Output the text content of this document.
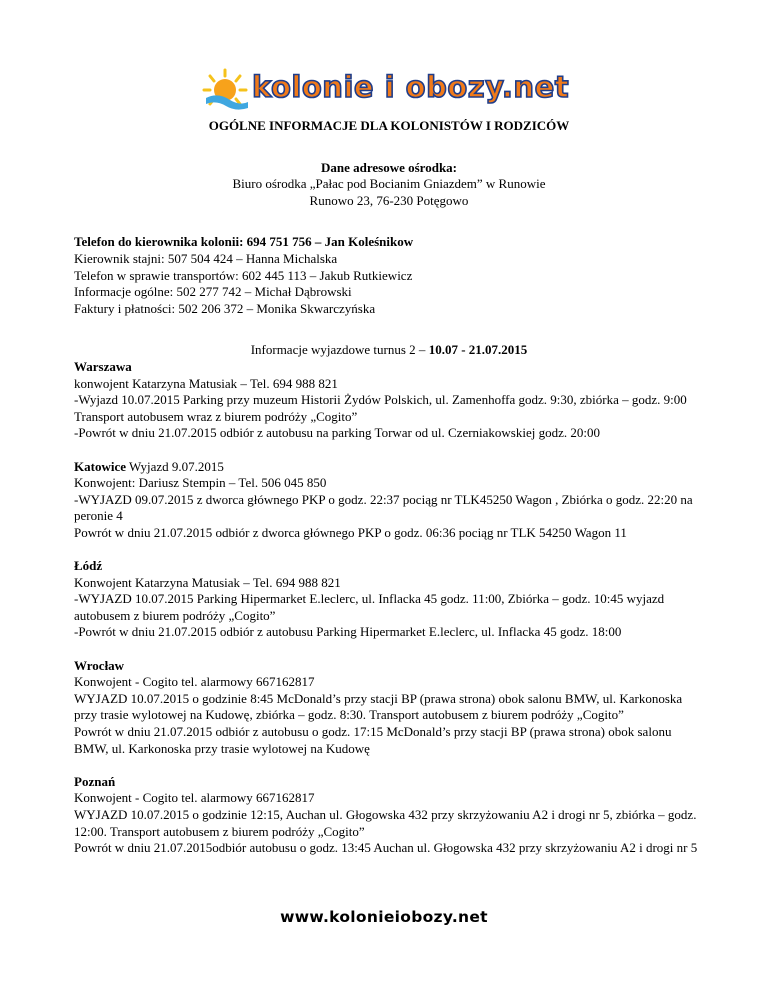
kolonie i obozy.net

OGÓLNE INFORMACJE DLA KOLONISTÓW I RODZICÓW

Dane adresowe ośrodka:

Biuro ośrodka „Pałac pod Bocianim Gniazdem” w Runowie

Runowo 23, 76-230 Potęgowo

Telefon do kierownika kolonii: 694 751 756 – Jan Koleśnikow

Kierownik stajni: 507 504 424 – Hanna Michalska

Telefon w sprawie transportów: 602 445 113 – Jakub Rutkiewicz

Informacje ogólne: 502 277 742 – Michał Dąbrowski

Faktury i płatności: 502 206 372 – Monika Skwarczyńska

Informacje wyjazdowe turnus 2 – 10.07 - 21.07.2015

Warszawa

konwojent Katarzyna Matusiak – Tel. 694 988 821

-Wyjazd 10.07.2015 Parking przy muzeum Historii Żydów Polskich, ul. Zamenhoffa godz. 9:30, zbiórka – godz. 9:00 Transport autobusem wraz z biurem podróży „Cogito”

-Powrót w dniu 21.07.2015 odbiór z autobusu na parking Torwar od ul. Czerniakowskiej godz. 20:00

Katowice Wyjazd 9.07.2015

Konwojent: Dariusz Stempin – Tel. 506 045 850

-WYJAZD 09.07.2015 z dworca głównego PKP o godz. 22:37 pociąg nr TLK45250 Wagon , Zbiórka o godz. 22:20 na peronie 4

Powrót w dniu 21.07.2015 odbiór z dworca głównego PKP o godz. 06:36 pociąg nr TLK 54250 Wagon 11

Łódź

Konwojent Katarzyna Matusiak – Tel. 694 988 821

-WYJAZD 10.07.2015 Parking Hipermarket E.leclerc, ul. Inflacka 45 godz. 11:00, Zbiórka – godz. 10:45 wyjazd autobusem z biurem podróży „Cogito”

-Powrót w dniu 21.07.2015 odbiór z autobusu Parking Hipermarket E.leclerc, ul. Inflacka 45 godz. 18:00

Wrocław

Konwojent - Cogito tel. alarmowy 667162817

WYJAZD 10.07.2015 o godzinie 8:45 McDonald’s przy stacji BP (prawa strona) obok salonu BMW, ul. Karkonoska przy trasie wylotowej na Kudowę, zbiórka – godz. 8:30. Transport autobusem z biurem podróży „Cogito”

Powrót w dniu 21.07.2015 odbiór z autobusu o godz. 17:15 McDonald’s przy stacji BP (prawa strona) obok salonu BMW, ul. Karkonoska przy trasie wylotowej na Kudowę

Poznań

Konwojent - Cogito tel. alarmowy 667162817

WYJAZD 10.07.2015 o godzinie 12:15, Auchan ul. Głogowska 432 przy skrzyżowaniu A2 i drogi nr 5, zbiórka – godz. 12:00. Transport autobusem z biurem podróży „Cogito”

Powrót w dniu 21.07.2015odbiór autobusu o godz. 13:45 Auchan ul. Głogowska 432 przy skrzyżowaniu A2 i drogi nr 5

www.kolonieiobozy.net
